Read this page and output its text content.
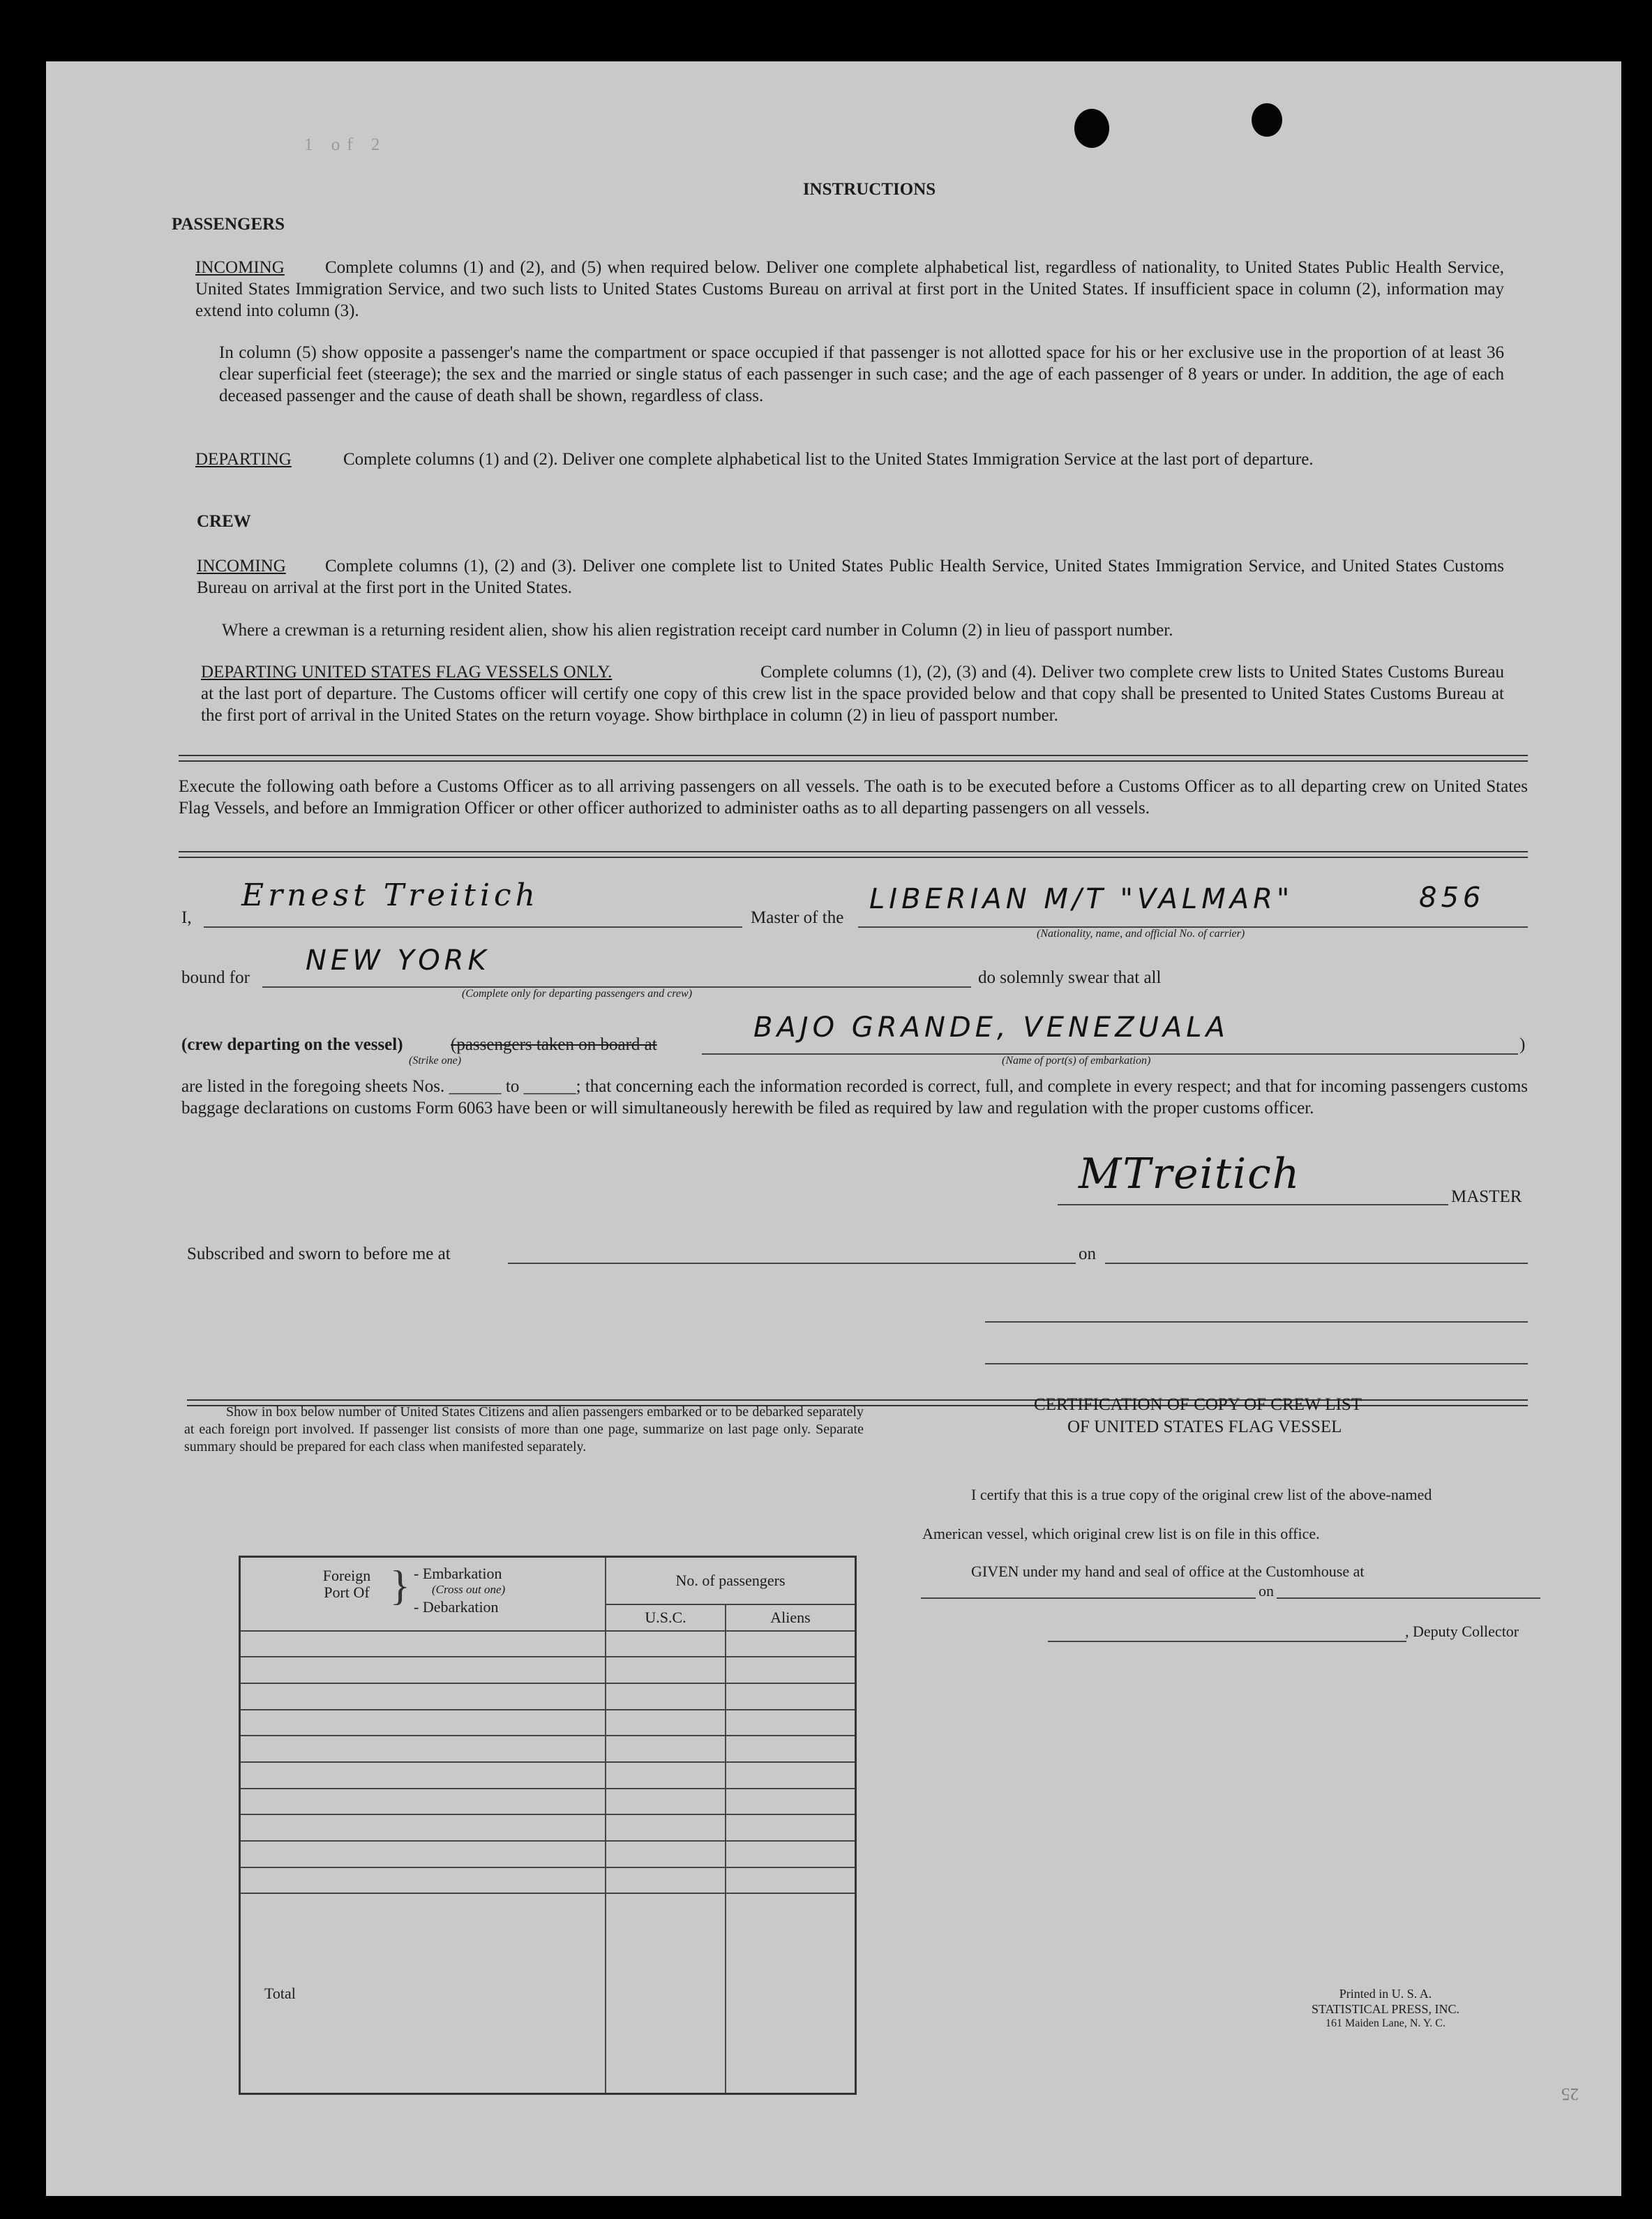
1 of 2
INSTRUCTIONS
PASSENGERS
INCOMING	Complete columns (1) and (2), and (5) when required below. Deliver one complete alphabetical list, regardless of nationality, to United States Public Health Service, United States Immigration Service, and two such lists to United States Customs Bureau on arrival at first port in the United States. If insufficient space in column (2), information may extend into column (3).
In column (5) show opposite a passenger's name the compartment or space occupied if that passenger is not allotted space for his or her exclusive use in the proportion of at least 36 clear superficial feet (steerage); the sex and the married or single status of each passenger in such case; and the age of each passenger of 8 years or under. In addition, the age of each deceased passenger and the cause of death shall be shown, regardless of class.
DEPARTING	Complete columns (1) and (2). Deliver one complete alphabetical list to the United States Immigration Service at the last port of departure.
CREW
INCOMING	Complete columns (1), (2) and (3). Deliver one complete list to United States Public Health Service, United States Immigration Service, and United States Customs Bureau on arrival at the first port in the United States.
Where a crewman is a returning resident alien, show his alien registration receipt card number in Column (2) in lieu of passport number.
DEPARTING UNITED STATES FLAG VESSELS ONLY.	Complete columns (1), (2), (3) and (4). Deliver two complete crew lists to United States Customs Bureau at the last port of departure. The Customs officer will certify one copy of this crew list in the space provided below and that copy shall be presented to United States Customs Bureau at the first port of arrival in the United States on the return voyage. Show birthplace in column (2) in lieu of passport number.
Execute the following oath before a Customs Officer as to all arriving passengers on all vessels. The oath is to be executed before a Customs Officer as to all departing crew on United States Flag Vessels, and before an Immigration Officer or other officer authorized to administer oaths as to all departing passengers on all vessels.
I,
Ernest Treitich
Master of the
LIBERIAN M/T "VALMAR"	856
(Nationality, name, and official No. of carrier)
bound for
NEW YORK
(Complete only for departing passengers and crew)
do solemnly swear that all
(crew departing on the vessel)
(Strike one)
(passengers taken on board at
BAJO GRANDE, VENEZUALA
(Name of port(s) of embarkation)
)
are listed in the foregoing sheets Nos. ______ to ______; that concerning each the information recorded is correct, full, and complete in every respect; and that for incoming passengers customs baggage declarations on customs Form 6063 have been or will simultaneously herewith be filed as required by law and regulation with the proper customs officer.
MTreitich	MASTER
Subscribed and sworn to before me at	on
Show in box below number of United States Citizens and alien passengers embarked or to be debarked separately at each foreign port involved. If passenger list consists of more than one page, summarize on last page only. Separate summary should be prepared for each class when manifested separately.
Foreign Port Of } - Embarkation
(Cross out one)
- Debarkation	No. of passengers	
	U.S.C.	Aliens

Total		
CERTIFICATION OF COPY OF CREW LIST
OF UNITED STATES FLAG VESSEL
I certify that this is a true copy of the original crew list of the above-named
American vessel, which original crew list is on file in this office.
GIVEN under my hand and seal of office at the Customhouse at
on
, Deputy Collector
Printed in U. S. A.
STATISTICAL PRESS, INC.
161 Maiden Lane, N. Y. C.
25
